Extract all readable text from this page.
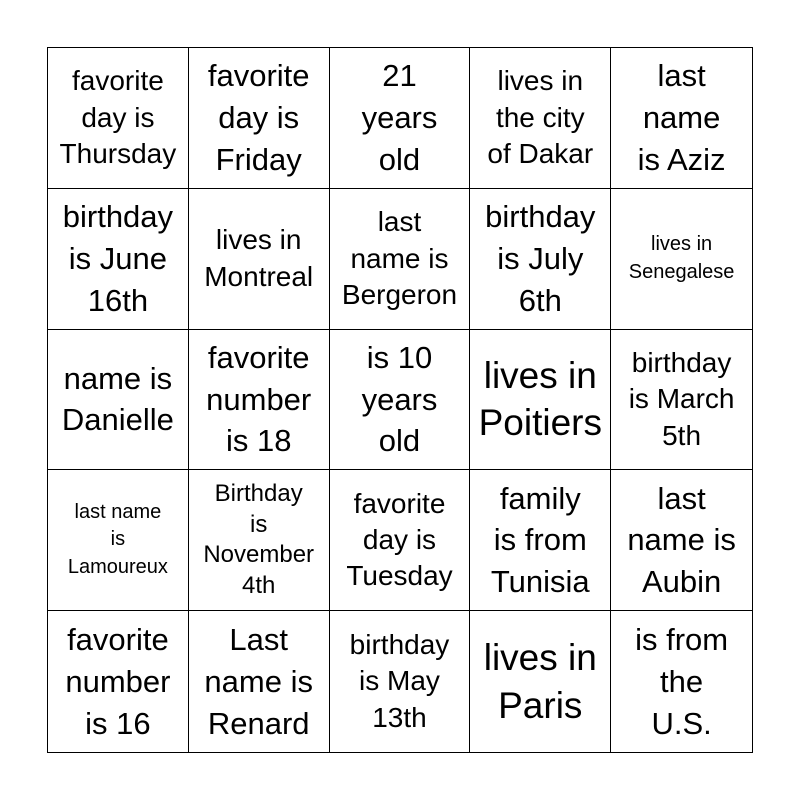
favorite
day is
Thursday
favorite
day is
Friday
21
years
old
lives in
the city
of Dakar
last
name
is Aziz
birthday
is June
16th
lives in
Montreal
last
name is
Bergeron
birthday
is July
6th
lives in
Senegalese
name is
Danielle
favorite
number
is 18
is 10
years
old
lives in
Poitiers
birthday
is March
5th
last name
is
Lamoureux
Birthday
is
November
4th
favorite
day is
Tuesday
family
is from
Tunisia
last
name is
Aubin
favorite
number
is 16
Last
name is
Renard
birthday
is May
13th
lives in
Paris
is from
the
U.S.
